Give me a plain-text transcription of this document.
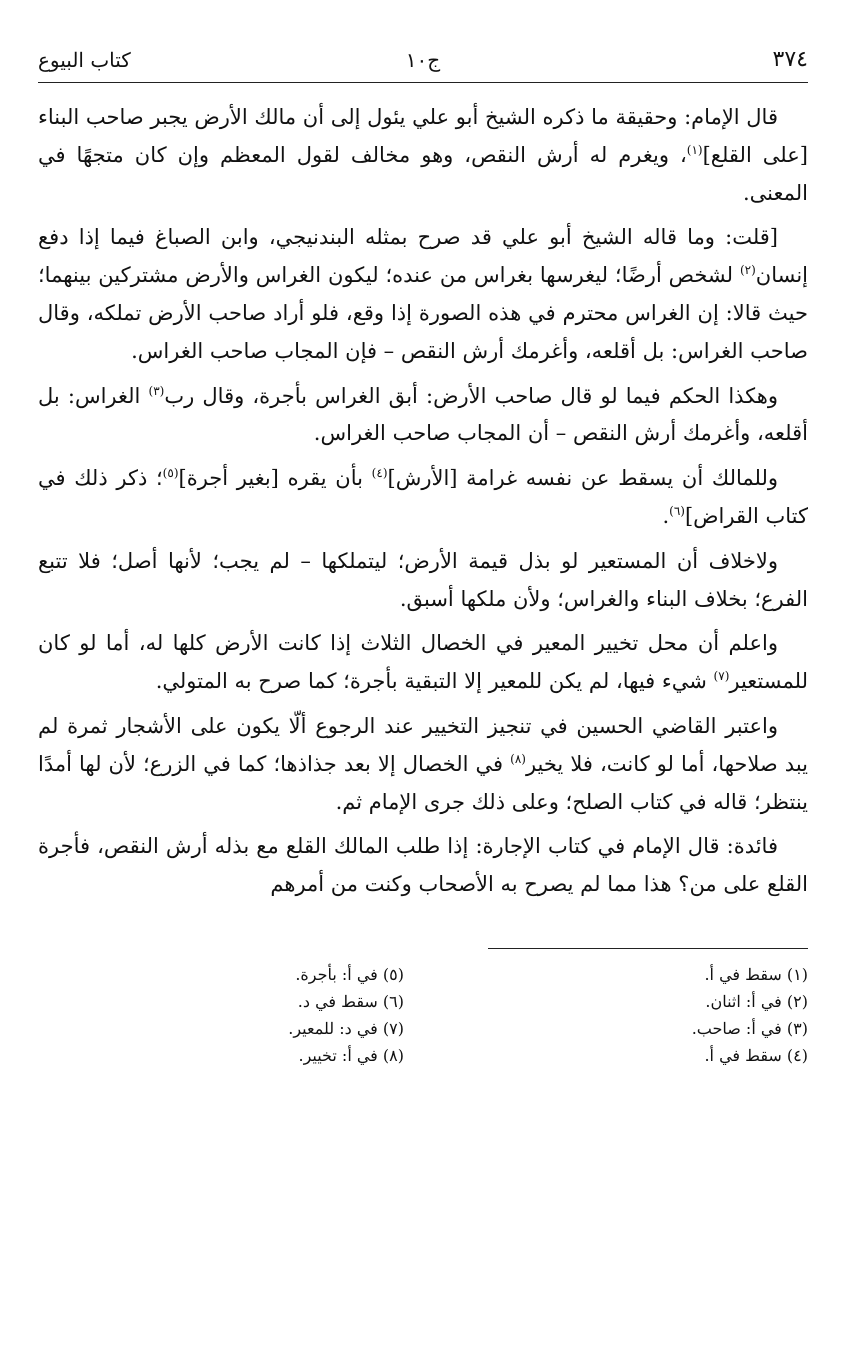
٣٧٤
ج١٠
كتاب البيوع

قال الإمام: وحقيقة ما ذكره الشيخ أبو علي يئول إلى أن مالك الأرض يجبر صاحب البناء [على القلع]$^{(١)}$، ويغرم له أرش النقص، وهو مخالف لقول المعظم وإن كان متجهًا في المعنى.

[قلت: وما قاله الشيخ أبو علي قد صرح بمثله البندنيجي، وابن الصباغ فيما إذا دفع إنسان$^{(٢)}$ لشخص أرضًا؛ ليغرسها بغراس من عنده؛ ليكون الغراس والأرض مشتركين بينهما؛ حيث قالا: إن الغراس محترم في هذه الصورة إذا وقع، فلو أراد صاحب الأرض تملكه، وقال صاحب الغراس: بل أقلعه، وأغرمك أرش النقص – فإن المجاب صاحب الغراس.

وهكذا الحكم فيما لو قال صاحب الأرض: أبق الغراس بأجرة، وقال رب$^{(٣)}$ الغراس: بل أقلعه، وأغرمك أرش النقص – أن المجاب صاحب الغراس.

وللمالك أن يسقط عن نفسه غرامة [الأرش]$^{(٤)}$ بأن يقره [بغير أجرة]$^{(٥)}$؛ ذكر ذلك في كتاب القراض]$^{(٦)}$.

ولاخلاف أن المستعير لو بذل قيمة الأرض؛ ليتملكها – لم يجب؛ لأنها أصل؛ فلا تتبع الفرع؛ بخلاف البناء والغراس؛ ولأن ملكها أسبق.

واعلم أن محل تخيير المعير في الخصال الثلاث إذا كانت الأرض كلها له، أما لو كان للمستعير$^{(٧)}$ شيء فيها، لم يكن للمعير إلا التبقية بأجرة؛ كما صرح به المتولي.

واعتبر القاضي الحسين في تنجيز التخيير عند الرجوع ألّا يكون على الأشجار ثمرة لم يبد صلاحها، أما لو كانت، فلا يخير$^{(٨)}$ في الخصال إلا بعد جذاذها؛ كما في الزرع؛ لأن لها أمدًا ينتظر؛ قاله في كتاب الصلح؛ وعلى ذلك جرى الإمام ثم.

فائدة: قال الإمام في كتاب الإجارة: إذا طلب المالك القلع مع بذله أرش النقص، فأجرة القلع على من؟ هذا مما لم يصرح به الأصحاب وكنت من أمرهم

(١) سقط في أ.
(٢) في أ: اثنان.
(٣) في أ: صاحب.
(٤) سقط في أ.
(٥) في أ: بأجرة.
(٦) سقط في د.
(٧) في د: للمعير.
(٨) في أ: تخيير.
